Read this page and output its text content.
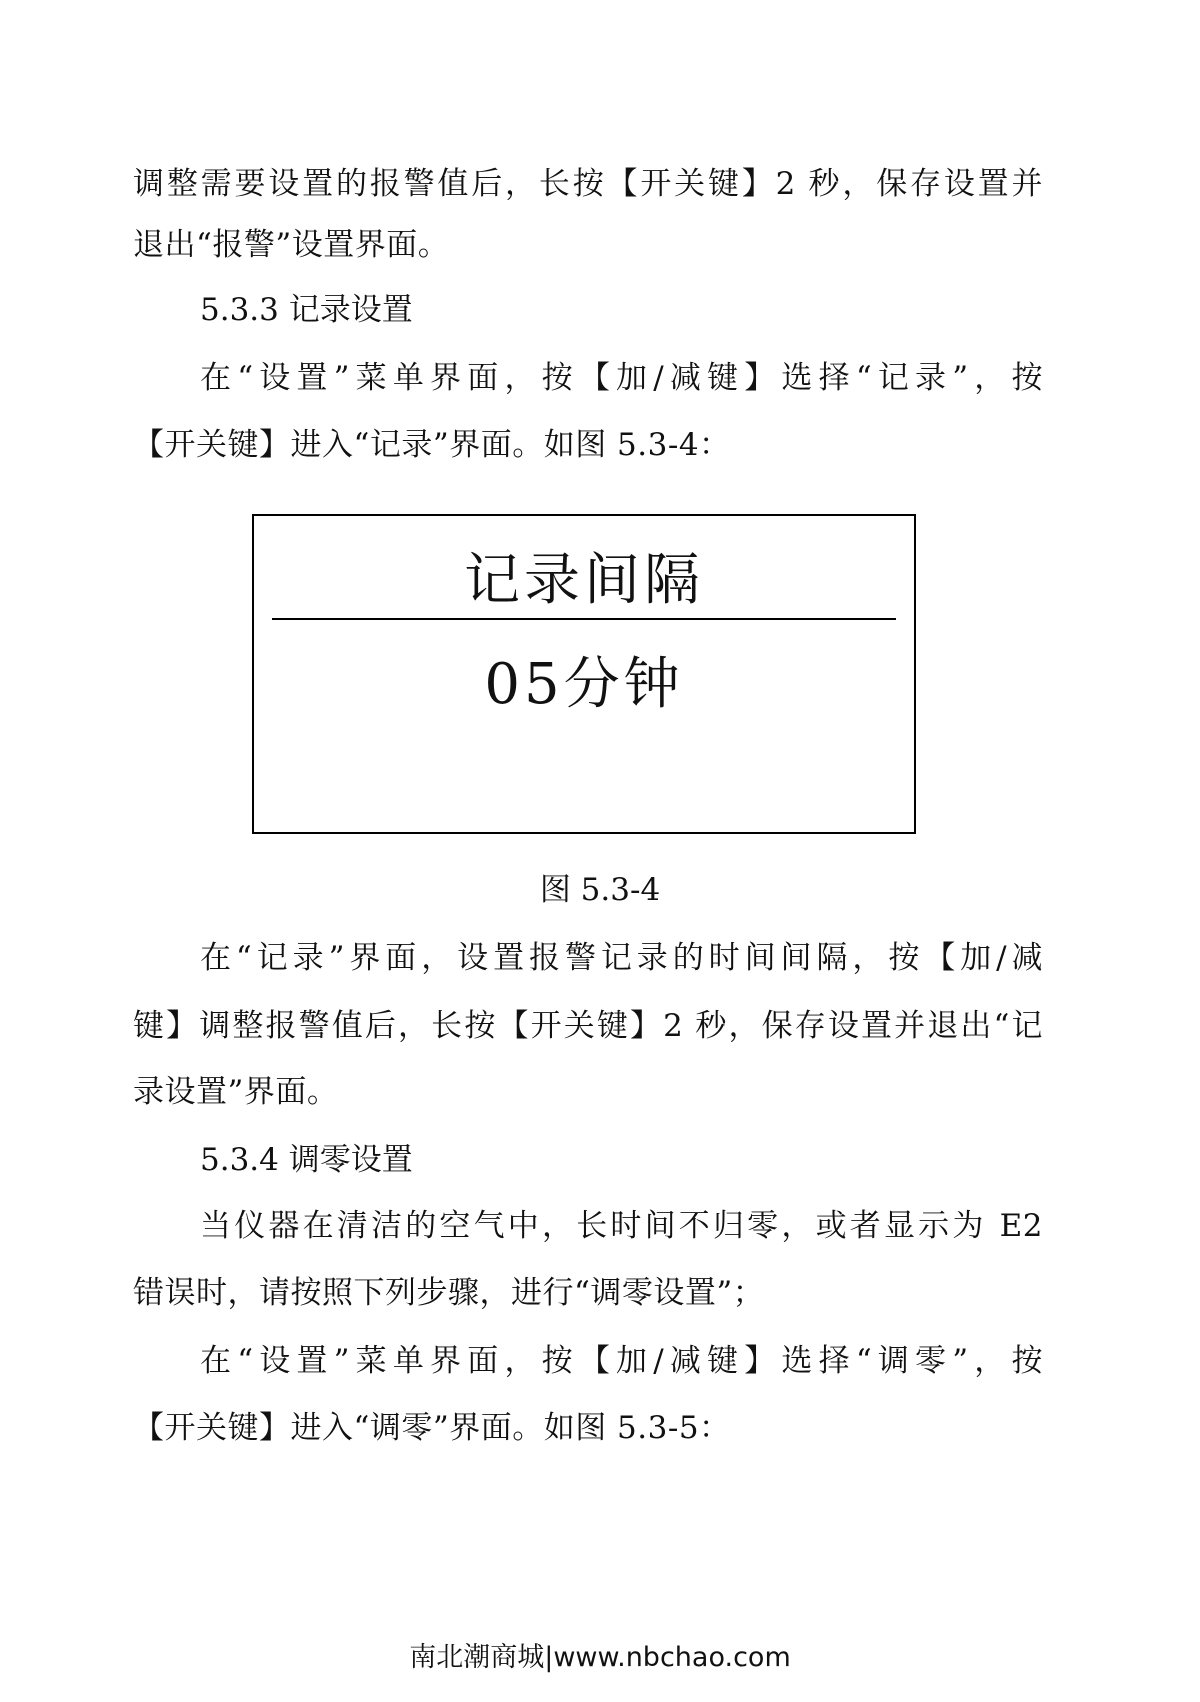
调整需要设置的报警值后，长按【开关键】2 秒，保存设置并
退出“报警”设置界面。
5.3.3 记录设置
在“设置”菜单界面，按【加/减键】选择“记录”，按
【开关键】进入“记录”界面。如图 5.3-4：
记录间隔
05分钟
图 5.3-4
在“记录”界面，设置报警记录的时间间隔，按【加/减
键】调整报警值后，长按【开关键】2 秒，保存设置并退出“记
录设置”界面。
5.3.4 调零设置
当仪器在清洁的空气中，长时间不归零，或者显示为 E2
错误时，请按照下列步骤，进行“调零设置”；
在“设置”菜单界面，按【加/减键】选择“调零”，按
【开关键】进入“调零”界面。如图 5.3-5：
南北潮商城|www.nbchao.com
